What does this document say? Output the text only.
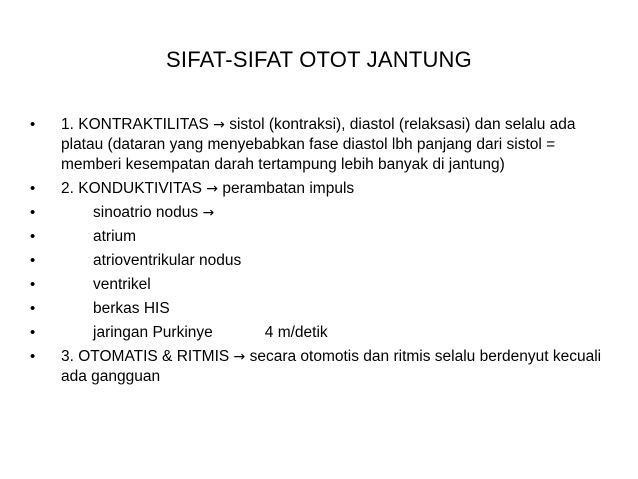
SIFAT-SIFAT OTOT JANTUNG
• 1. KONTRAKTILITAS → sistol (kontraksi), diastol (relaksasi) dan selalu ada platau (dataran yang menyebabkan fase diastol lbh panjang dari sistol = memberi kesempatan darah tertampung lebih banyak di jantung)
• 2. KONDUKTIVITAS → perambatan impuls
•	sinoatrio nodus →
•	atrium
•	atrioventrikular nodus
•	ventrikel
•	berkas HIS
•	jaringan Purkinye	4 m/detik
• 3. OTOMATIS & RITMIS → secara otomotis dan ritmis selalu berdenyut kecuali ada gangguan
